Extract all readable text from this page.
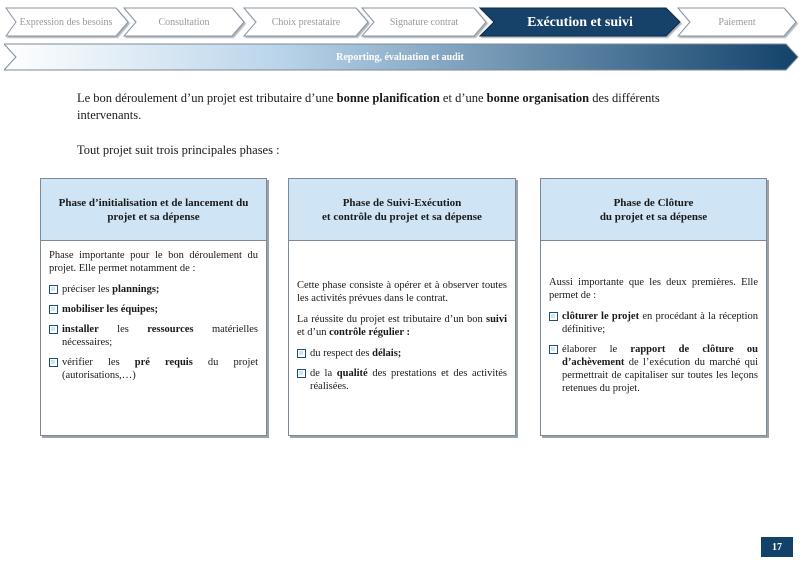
Expression des besoins	Consultation	Choix prestataire	Signature contrat	Exécution et suivi	Paiement
Reporting, évaluation et audit
Le bon déroulement d’un projet est tributaire d’une bonne planification et d’une bonne organisation des différents intervenants.
Tout projet suit trois principales phases :
Phase d’initialisation et de lancement du projet et sa dépense

Phase importante pour le bon déroulement du projet. Elle permet notamment de :

préciser les plannings;
mobiliser les équipes;
installer les ressources matérielles nécessaires;
vérifier les pré requis du projet (autorisations,…)
Phase de Suivi-Exécution
et contrôle du projet et sa dépense

Cette phase consiste à opérer et à observer toutes les activités prévues dans le contrat.

La réussite du projet est tributaire d’un bon suivi et d’un contrôle régulier :

du respect des délais;
de la qualité des prestations et des activités réalisées.
Phase de Clôture
du projet et sa dépense

Aussi importante que les deux premières. Elle permet de :

clôturer le projet en procédant à la réception définitive;
élaborer le rapport de clôture ou d’achèvement de l’exécution du marché qui permettrait de capitaliser sur toutes les leçons retenues du projet.
17
